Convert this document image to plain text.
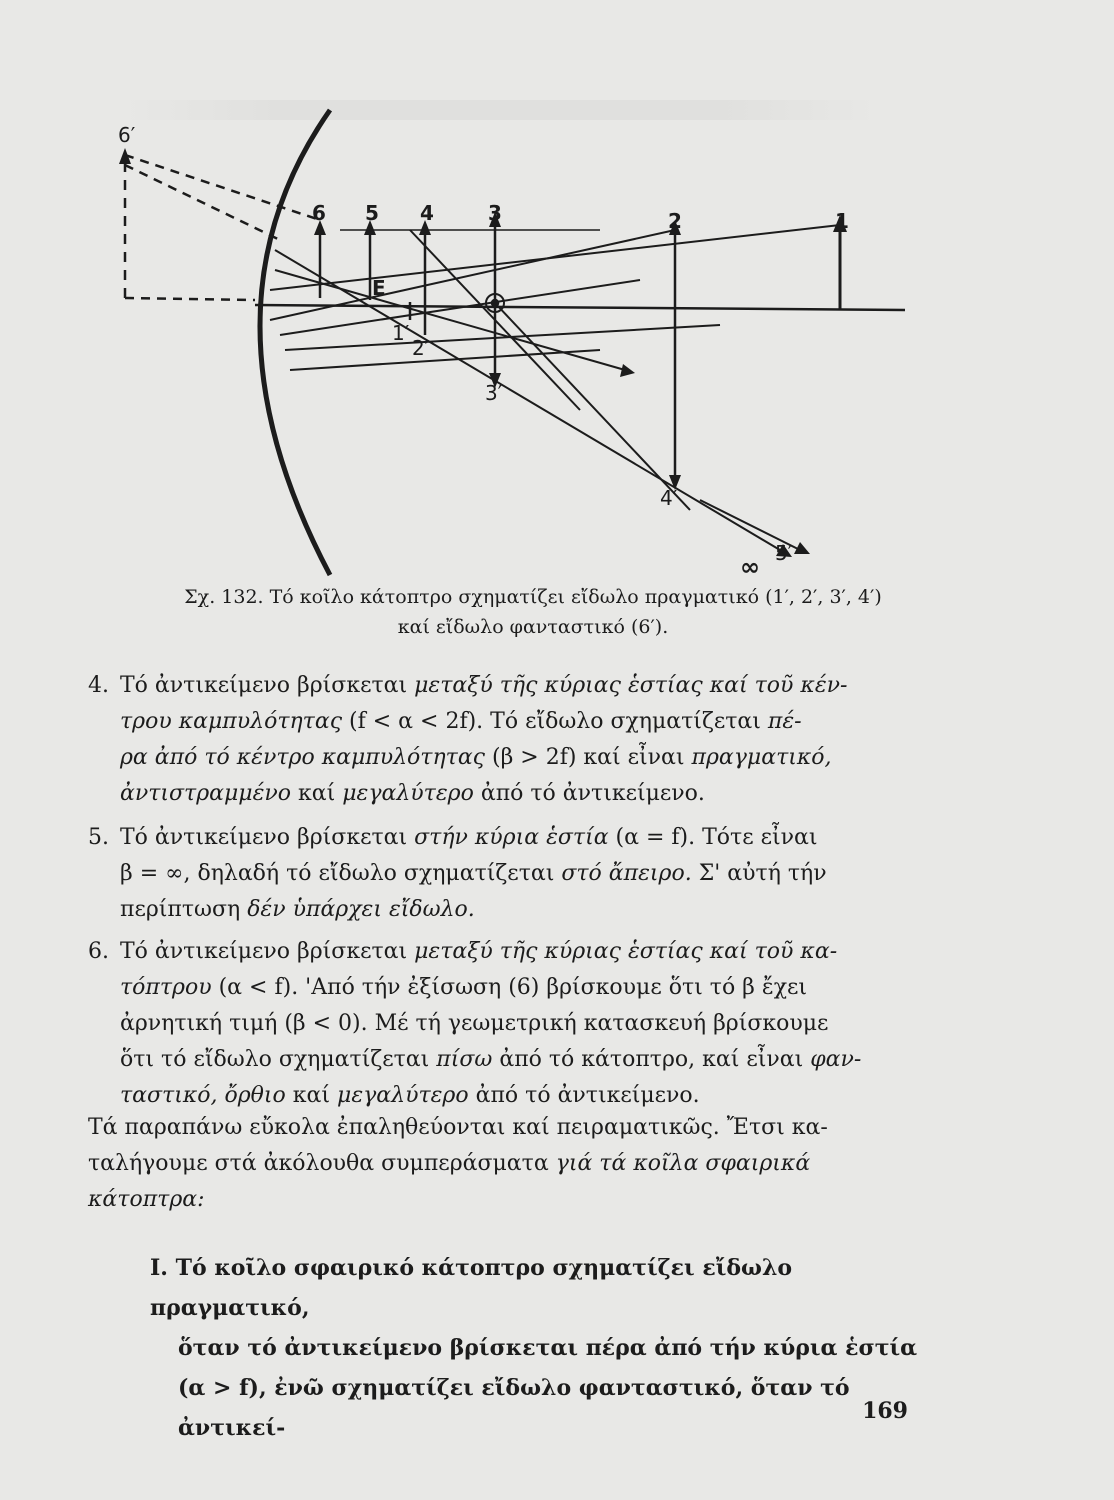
6′
6 5 4	3	2	1
E
1′
2′
3′
4′
5′
∞
Σχ. 132. Τό κοῖλο κάτοπτρο σχηματίζει εἴδωλο πραγματικό (1′, 2′, 3′, 4′)
καί εἴδωλο φανταστικό (6′).
4. Τό ἀντικείμενο βρίσκεται μεταξύ τῆς κύριας ἑστίας καί τοῦ κέν-
τρου καμπυλότητας (f < α < 2f). Τό εἴδωλο σχηματίζεται πέ-
ρα ἀπό τό κέντρο καμπυλότητας (β > 2f) καί εἶναι πραγματικό,
ἀντιστραμμένο καί μεγαλύτερο ἀπό τό ἀντικείμενο.
5. Τό ἀντικείμενο βρίσκεται στήν κύρια ἑστία (α = f). Τότε εἶναι
β = ∞, δηλαδή τό εἴδωλο σχηματίζεται στό ἄπειρο. Σ' αὐτή τήν
περίπτωση δέν ὑπάρχει εἴδωλο.
6. Τό ἀντικείμενο βρίσκεται μεταξύ τῆς κύριας ἑστίας καί τοῦ κα-
τόπτρου (α < f). 'Από τήν ἐξίσωση (6) βρίσκουμε ὅτι τό β ἔχει
ἀρνητική τιμή (β < 0). Μέ τή γεωμετρική κατασκευή βρίσκουμε
ὅτι τό εἴδωλο σχηματίζεται πίσω ἀπό τό κάτοπτρο, καί εἶναι φαν-
ταστικό, ὄρθιο καί μεγαλύτερο ἀπό τό ἀντικείμενο.
Τά παραπάνω εὔκολα ἐπαληθεύονται καί πειραματικῶς. Ἔτσι κα-
ταλήγουμε στά ἀκόλουθα συμπεράσματα γιά τά κοῖλα σφαιρικά
κάτοπτρα:
I. Τό κοῖλο σφαιρικό κάτοπτρο σχηματίζει εἴδωλο πραγματικό,
ὅταν τό ἀντικείμενο βρίσκεται πέρα ἀπό τήν κύρια ἑστία
(α > f), ἐνῶ σχηματίζει εἴδωλο φανταστικό, ὅταν τό ἀντικεί-
169
